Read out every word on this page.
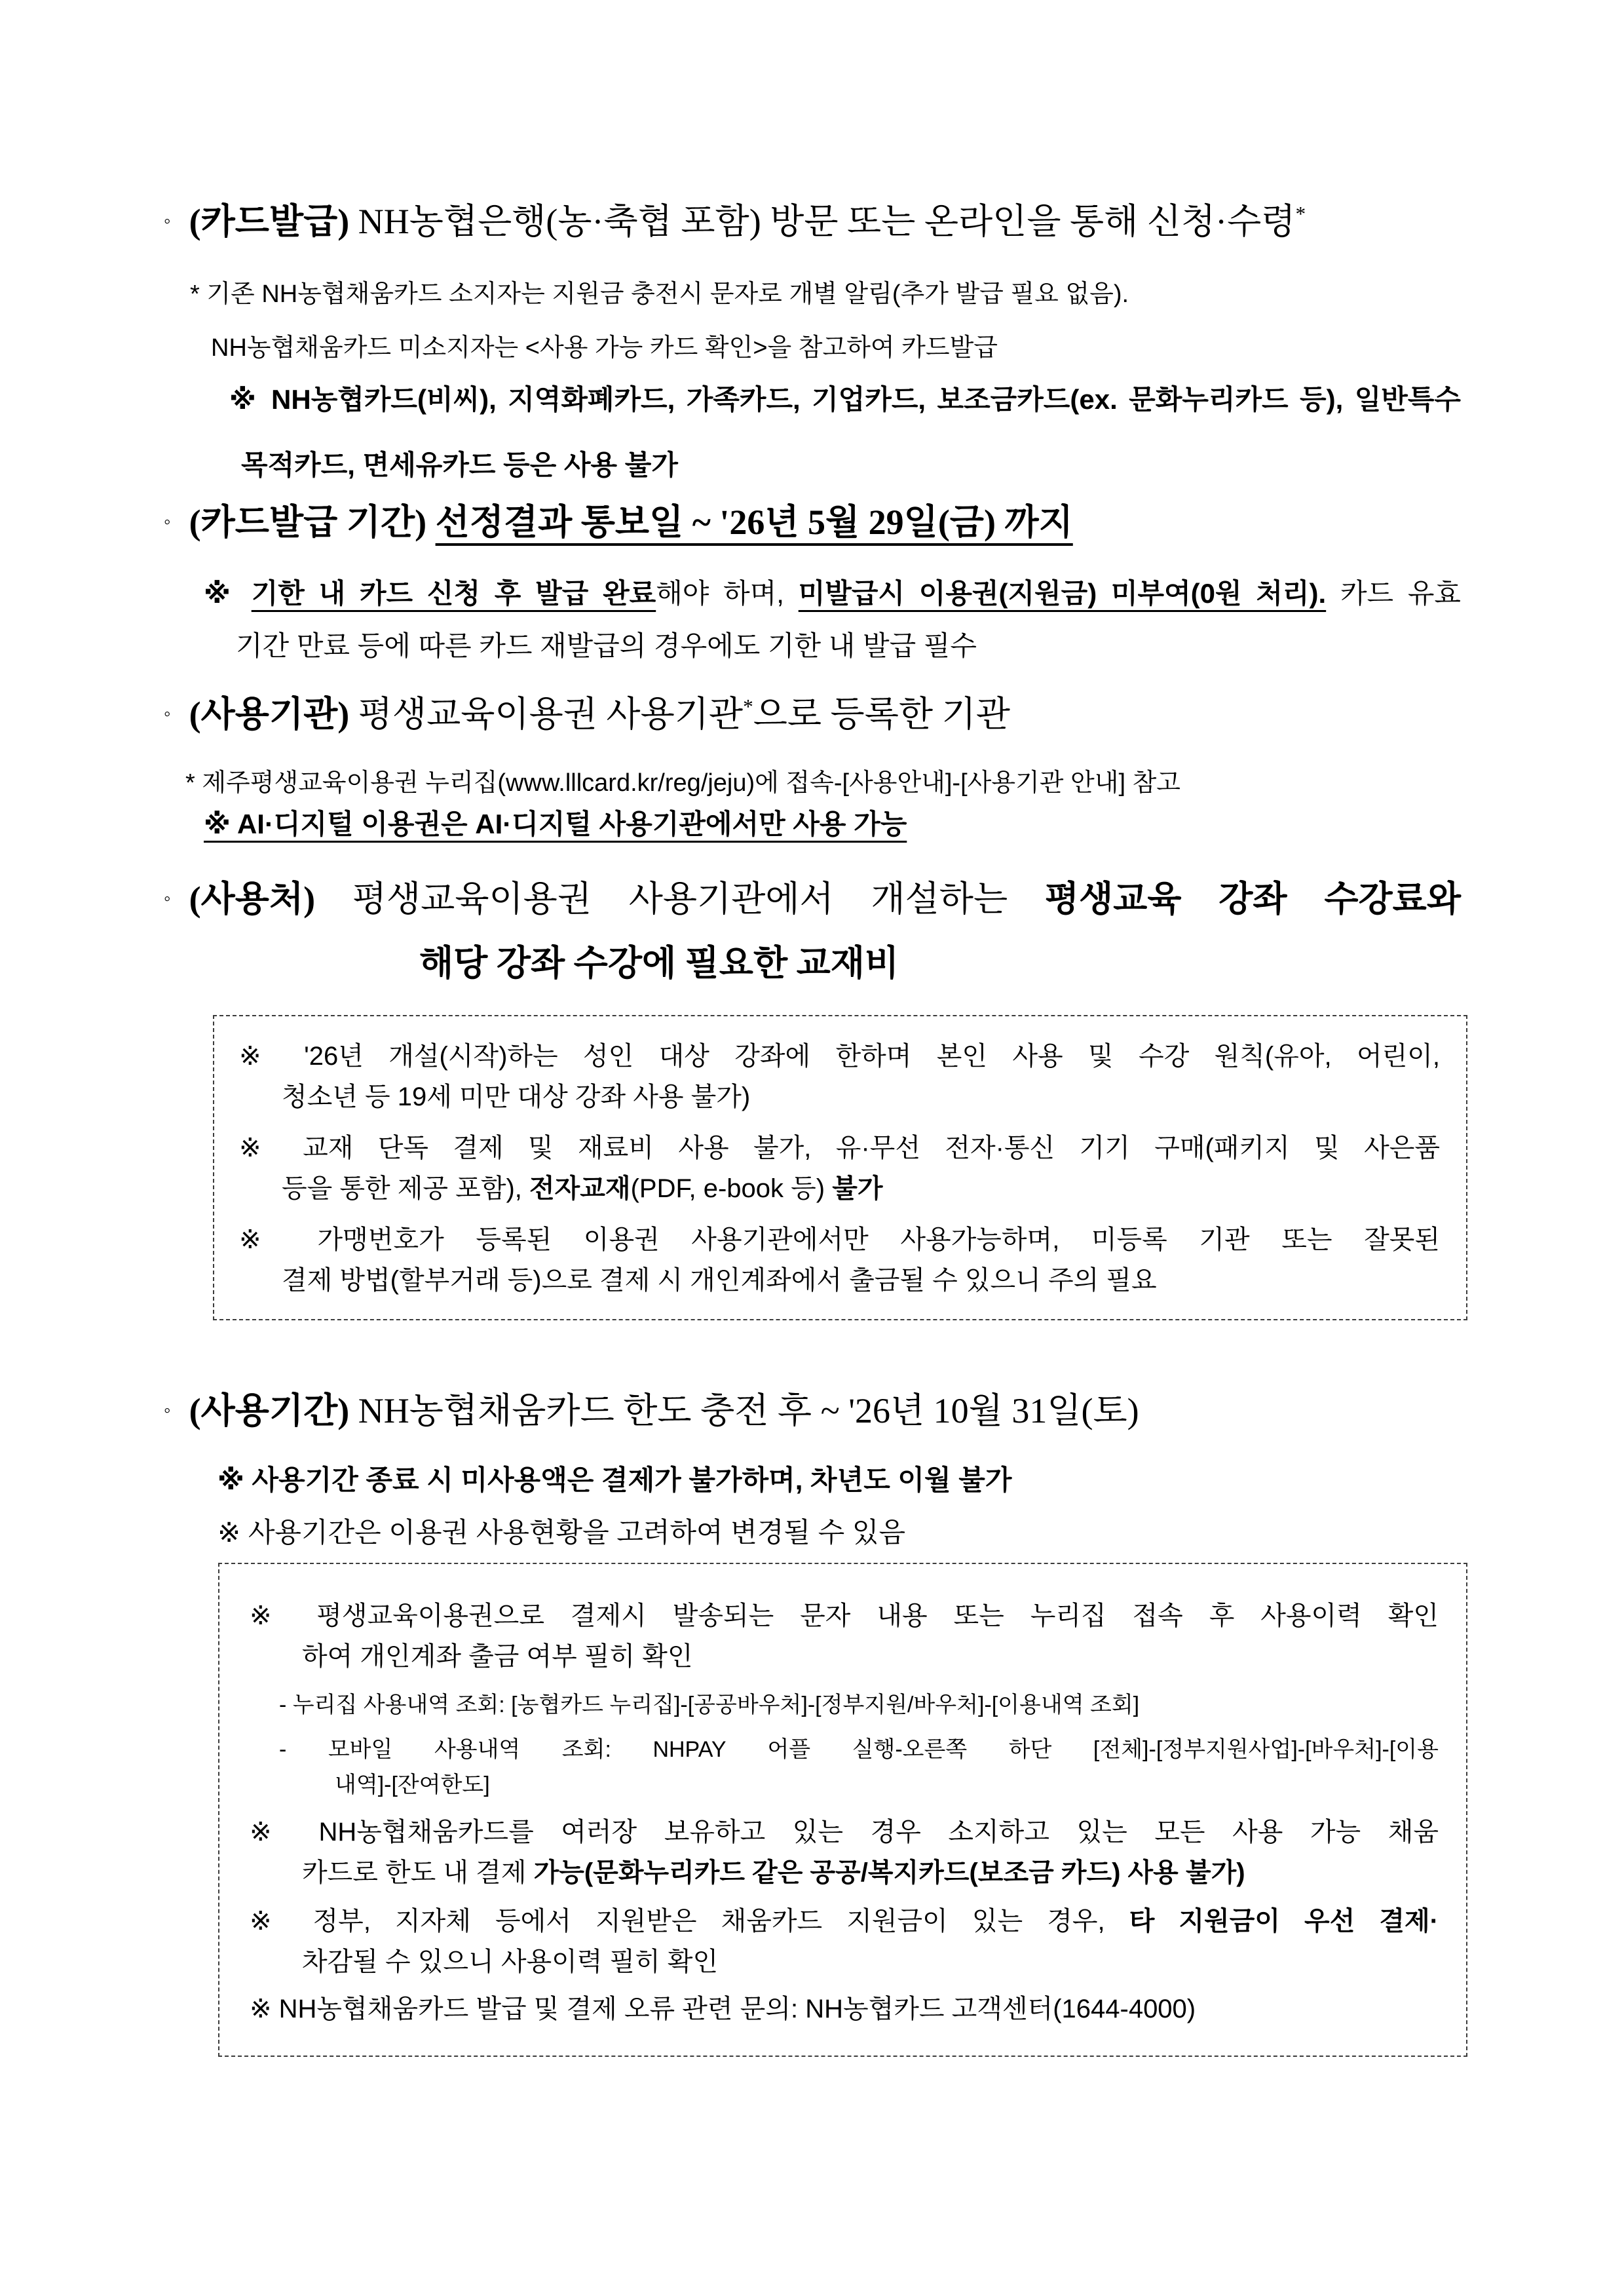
◦ (카드발급) NH농협은행(농·축협 포함) 방문 또는 온라인을 통해 신청·수령*
* 기존 NH농협채움카드 소지자는 지원금 충전시 문자로 개별 알림(추가 발급 필요 없음).
NH농협채움카드 미소지자는 <사용 가능 카드 확인>을 참고하여 카드발급
※ NH농협카드(비씨), 지역화폐카드, 가족카드, 기업카드, 보조금카드(ex. 문화누리카드 등), 일반특수
목적카드, 면세유카드 등은 사용 불가
◦ (카드발급 기간) 선정결과 통보일 ~ '26년 5월 29일(금) 까지
※ 기한 내 카드 신청 후 발급 완료해야 하며, 미발급시 이용권(지원금) 미부여(0원 처리). 카드 유효
기간 만료 등에 따른 카드 재발급의 경우에도 기한 내 발급 필수
◦ (사용기관) 평생교육이용권 사용기관*으로 등록한 기관
* 제주평생교육이용권 누리집(www.lllcard.kr/reg/jeju)에 접속-[사용안내]-[사용기관 안내] 참고
※ AI·디지털 이용권은 AI·디지털 사용기관에서만 사용 가능
◦ (사용처) 평생교육이용권 사용기관에서 개설하는 평생교육 강좌 수강료와
해당 강좌 수강에 필요한 교재비
※ '26년 개설(시작)하는 성인 대상 강좌에 한하며 본인 사용 및 수강 원칙(유아, 어린이,
청소년 등 19세 미만 대상 강좌 사용 불가)
※ 교재 단독 결제 및 재료비 사용 불가, 유·무선 전자·통신 기기 구매(패키지 및 사은품
등을 통한 제공 포함), 전자교재(PDF, e-book 등) 불가
※ 가맹번호가 등록된 이용권 사용기관에서만 사용가능하며, 미등록 기관 또는 잘못된
결제 방법(할부거래 등)으로 결제 시 개인계좌에서 출금될 수 있으니 주의 필요
◦ (사용기간) NH농협채움카드 한도 충전 후 ~ '26년 10월 31일(토)
※ 사용기간 종료 시 미사용액은 결제가 불가하며, 차년도 이월 불가
※ 사용기간은 이용권 사용현황을 고려하여 변경될 수 있음
※ 평생교육이용권으로 결제시 발송되는 문자 내용 또는 누리집 접속 후 사용이력 확인
하여 개인계좌 출금 여부 필히 확인
- 누리집 사용내역 조회: [농협카드 누리집]-[공공바우처]-[정부지원/바우처]-[이용내역 조회]
- 모바일 사용내역 조회: NHPAY 어플 실행-오른쪽 하단 [전체]-[정부지원사업]-[바우처]-[이용
내역]-[잔여한도]
※ NH농협채움카드를 여러장 보유하고 있는 경우 소지하고 있는 모든 사용 가능 채움
카드로 한도 내 결제 가능(문화누리카드 같은 공공/복지카드(보조금 카드) 사용 불가)
※ 정부, 지자체 등에서 지원받은 채움카드 지원금이 있는 경우, 타 지원금이 우선 결제·
차감될 수 있으니 사용이력 필히 확인
※ NH농협채움카드 발급 및 결제 오류 관련 문의: NH농협카드 고객센터(1644-4000)
